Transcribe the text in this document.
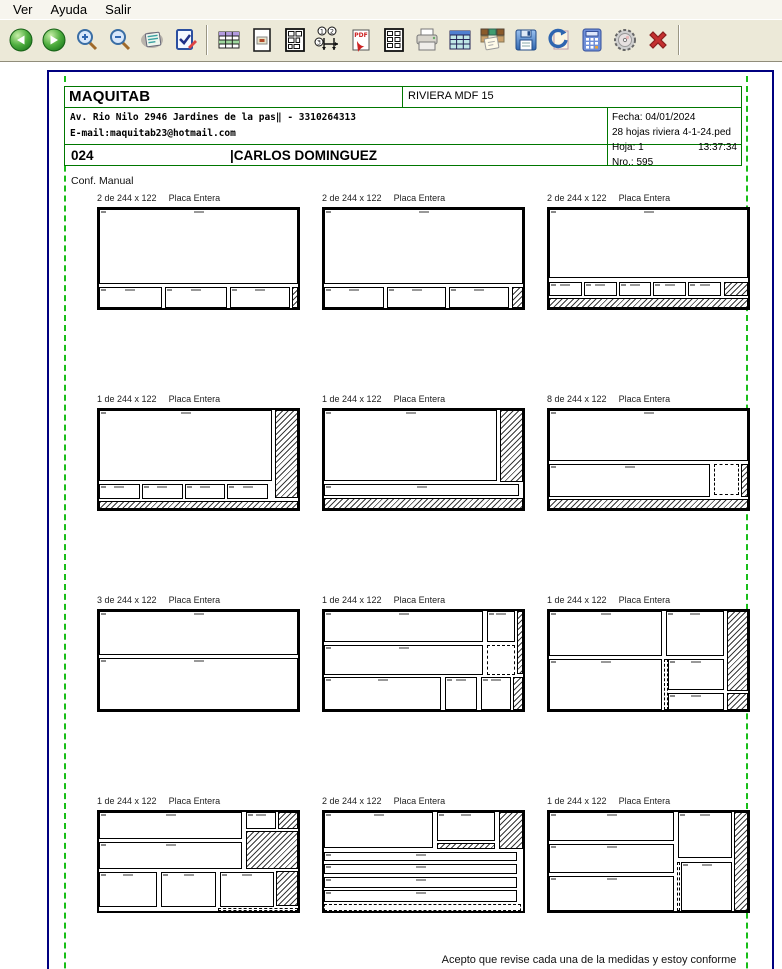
Ver	Ayuda	Salir
1 2
3
PDF
MAQUITAB	RIVIERA MDF 15
Av. Rio Nilo 2946 Jardines de la pas‖ - 3310264313
E-mail:maquitab23@hotmail.com
Fecha: 04/01/2024
28 hojas riviera 4-1-24.ped
024	|CARLOS DOMINGUEZ	Hoja: 1	13:37:34
Nro.: 595
Conf. Manual
2 de 244 x 122 Placa Entera	2 de 244 x 122 Placa Entera	2 de 244 x 122 Placa Entera
1 de 244 x 122 Placa Entera	1 de 244 x 122 Placa Entera	8 de 244 x 122 Placa Entera
3 de 244 x 122 Placa Entera	1 de 244 x 122 Placa Entera	1 de 244 x 122 Placa Entera
1 de 244 x 122 Placa Entera	2 de 244 x 122 Placa Entera	1 de 244 x 122 Placa Entera
Acepto que revise cada una de la medidas y estoy conforme
